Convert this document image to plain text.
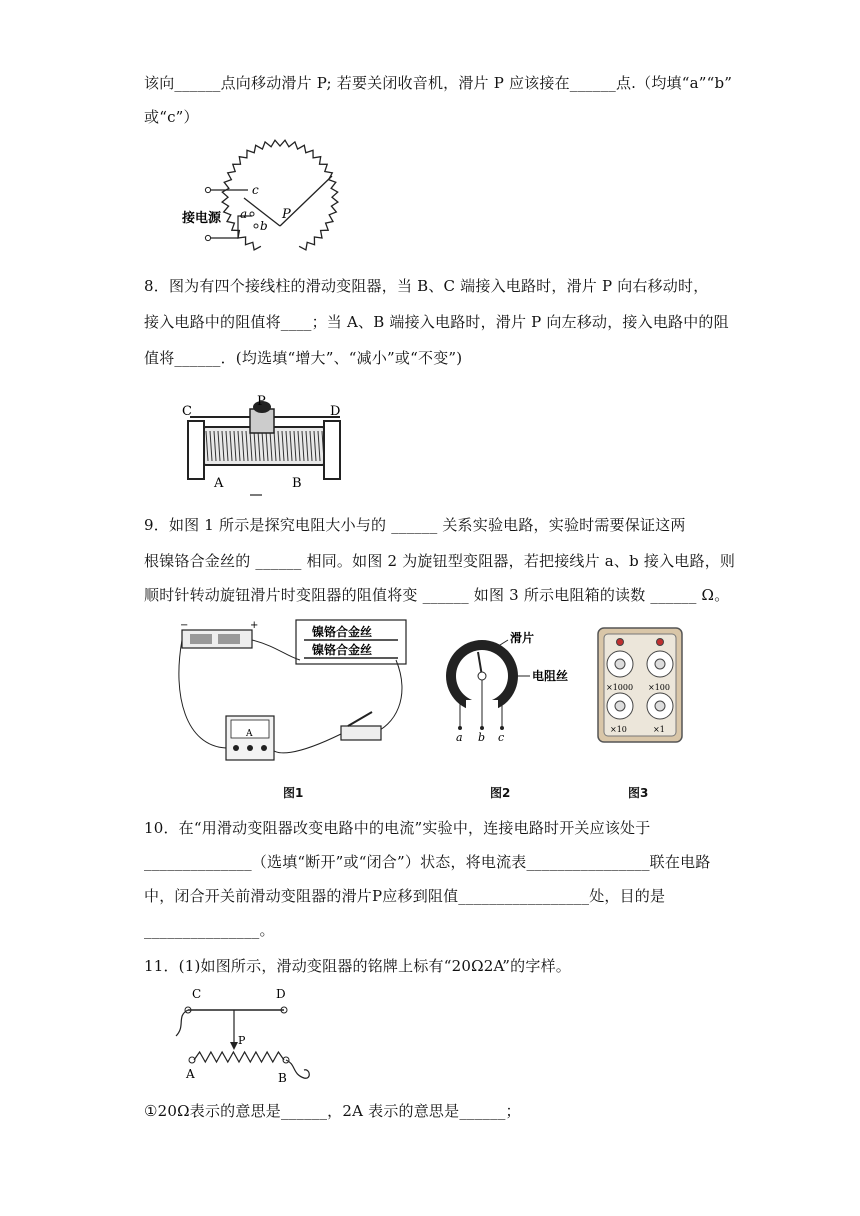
该向______点向移动滑片 P; 若要关闭收音机，滑片 P 应该接在______点.（均填“a”“b”
或“c”）
接电源
c
a
b
P
8．图为有四个接线柱的滑动变阻器，当 B、C 端接入电路时，滑片 P 向右移动时，
接入电路中的阻值将____；当 A、B 端接入电路时，滑片 P 向左移动，接入电路中的阻
值将______．(均选填“增大”、“减小”或“不变”)
C
P
D
A	B
9．如图 1 所示是探究电阻大小与的 ______ 关系实验电路，实验时需要保证这两
根镍铬合金丝的 ______ 相同。如图 2 为旋钮型变阻器，若把接线片 a、b 接入电路，则
顺时针转动旋钮滑片时变阻器的阻值将变 ______ 如图 3 所示电阻箱的读数 ______ Ω。
−	+	镍铬合金丝
镍铬合金丝
A
图1
滑片
电阻丝
a b c
图2
×1000 ×100
×10	×1
图3
10．在“用滑动变阻器改变电路中的电流”实验中，连接电路时开关应该处于
______________（选填“断开”或“闭合”）状态，将电流表________________联在电路
中，闭合开关前滑动变阻器的滑片P应移到阻值_________________处，目的是
_______________。
11．(1)如图所示，滑动变阻器的铭牌上标有“20Ω2A”的字样。
C	D
P
A	B
①20Ω表示的意思是______，2A 表示的意思是______；
